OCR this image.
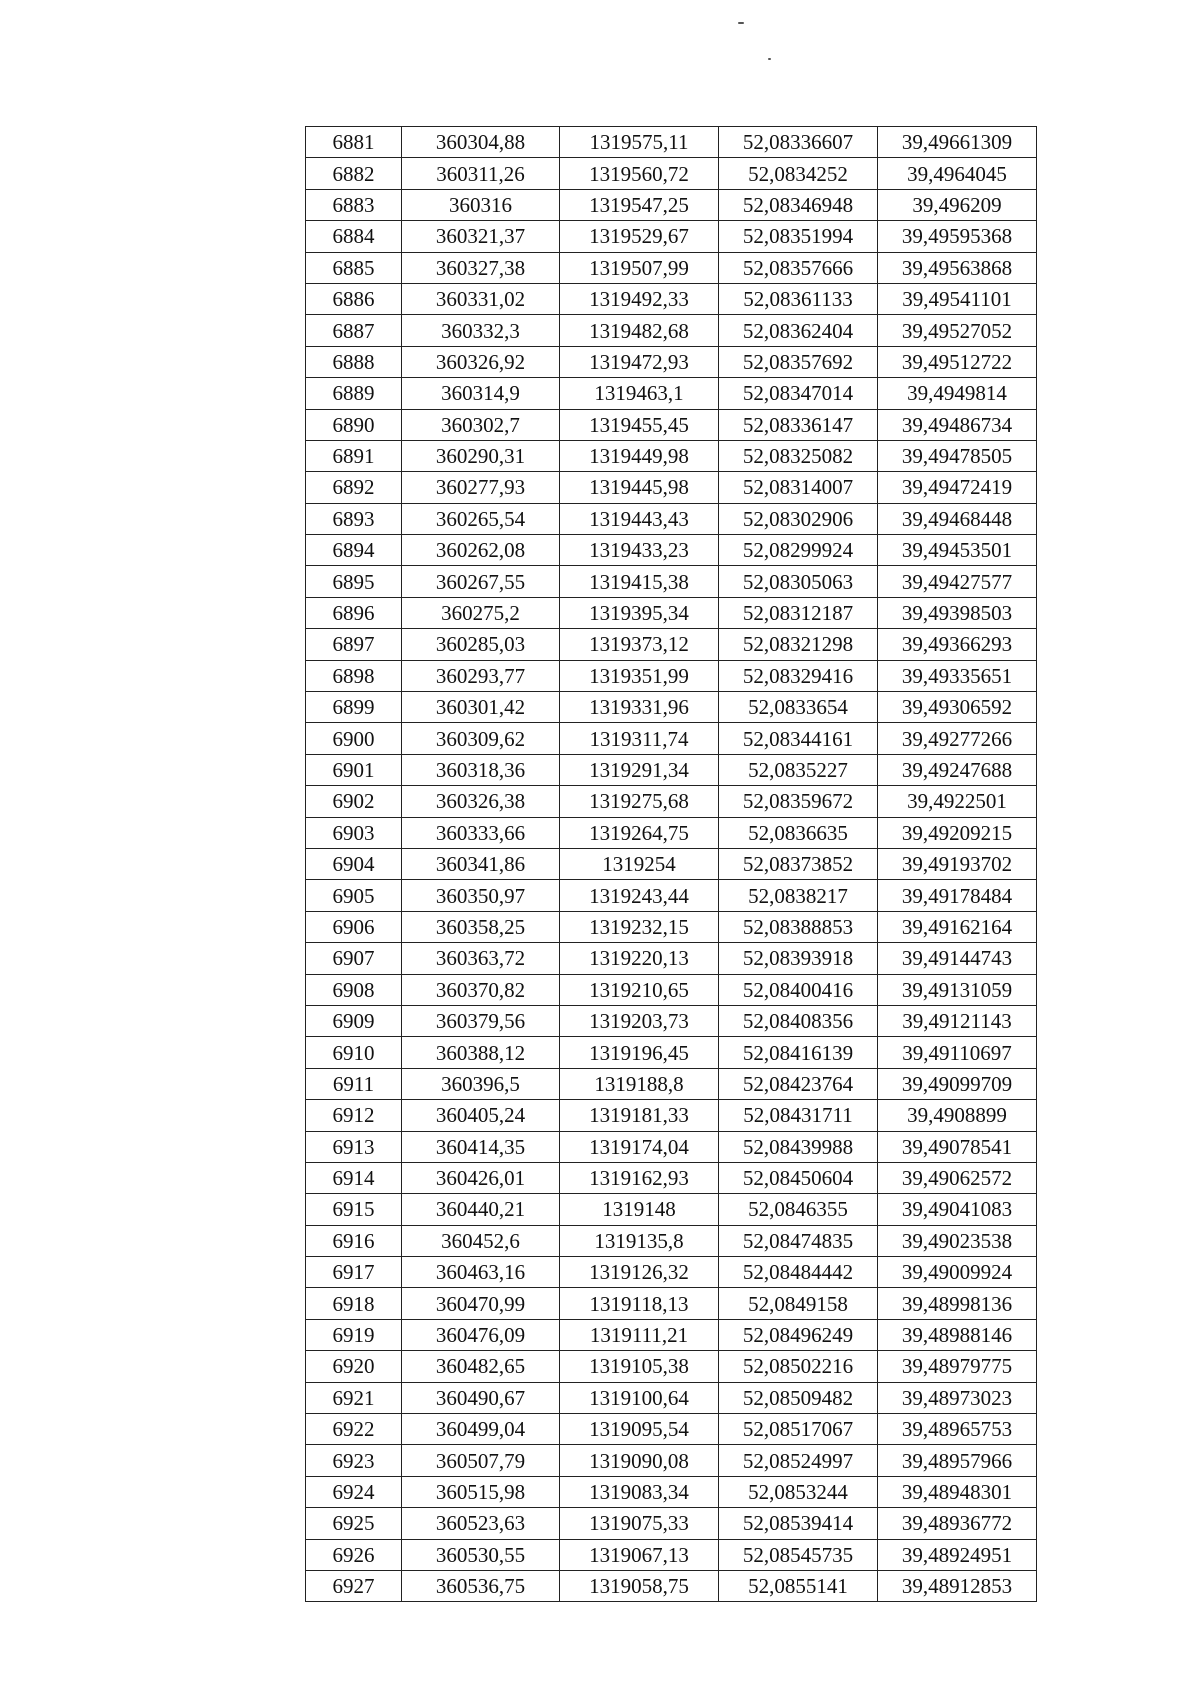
6881	360304,88	1319575,11	52,08336607	39,49661309
6882	360311,26	1319560,72	52,0834252	39,4964045
6883	360316	1319547,25	52,08346948	39,496209
6884	360321,37	1319529,67	52,08351994	39,49595368
6885	360327,38	1319507,99	52,08357666	39,49563868
6886	360331,02	1319492,33	52,08361133	39,49541101
6887	360332,3	1319482,68	52,08362404	39,49527052
6888	360326,92	1319472,93	52,08357692	39,49512722
6889	360314,9	1319463,1	52,08347014	39,4949814
6890	360302,7	1319455,45	52,08336147	39,49486734
6891	360290,31	1319449,98	52,08325082	39,49478505
6892	360277,93	1319445,98	52,08314007	39,49472419
6893	360265,54	1319443,43	52,08302906	39,49468448
6894	360262,08	1319433,23	52,08299924	39,49453501
6895	360267,55	1319415,38	52,08305063	39,49427577
6896	360275,2	1319395,34	52,08312187	39,49398503
6897	360285,03	1319373,12	52,08321298	39,49366293
6898	360293,77	1319351,99	52,08329416	39,49335651
6899	360301,42	1319331,96	52,0833654	39,49306592
6900	360309,62	1319311,74	52,08344161	39,49277266
6901	360318,36	1319291,34	52,0835227	39,49247688
6902	360326,38	1319275,68	52,08359672	39,4922501
6903	360333,66	1319264,75	52,0836635	39,49209215
6904	360341,86	1319254	52,08373852	39,49193702
6905	360350,97	1319243,44	52,0838217	39,49178484
6906	360358,25	1319232,15	52,08388853	39,49162164
6907	360363,72	1319220,13	52,08393918	39,49144743
6908	360370,82	1319210,65	52,08400416	39,49131059
6909	360379,56	1319203,73	52,08408356	39,49121143
6910	360388,12	1319196,45	52,08416139	39,49110697
6911	360396,5	1319188,8	52,08423764	39,49099709
6912	360405,24	1319181,33	52,08431711	39,4908899
6913	360414,35	1319174,04	52,08439988	39,49078541
6914	360426,01	1319162,93	52,08450604	39,49062572
6915	360440,21	1319148	52,0846355	39,49041083
6916	360452,6	1319135,8	52,08474835	39,49023538
6917	360463,16	1319126,32	52,08484442	39,49009924
6918	360470,99	1319118,13	52,0849158	39,48998136
6919	360476,09	1319111,21	52,08496249	39,48988146
6920	360482,65	1319105,38	52,08502216	39,48979775
6921	360490,67	1319100,64	52,08509482	39,48973023
6922	360499,04	1319095,54	52,08517067	39,48965753
6923	360507,79	1319090,08	52,08524997	39,48957966
6924	360515,98	1319083,34	52,0853244	39,48948301
6925	360523,63	1319075,33	52,08539414	39,48936772
6926	360530,55	1319067,13	52,08545735	39,48924951
6927	360536,75	1319058,75	52,0855141	39,48912853
